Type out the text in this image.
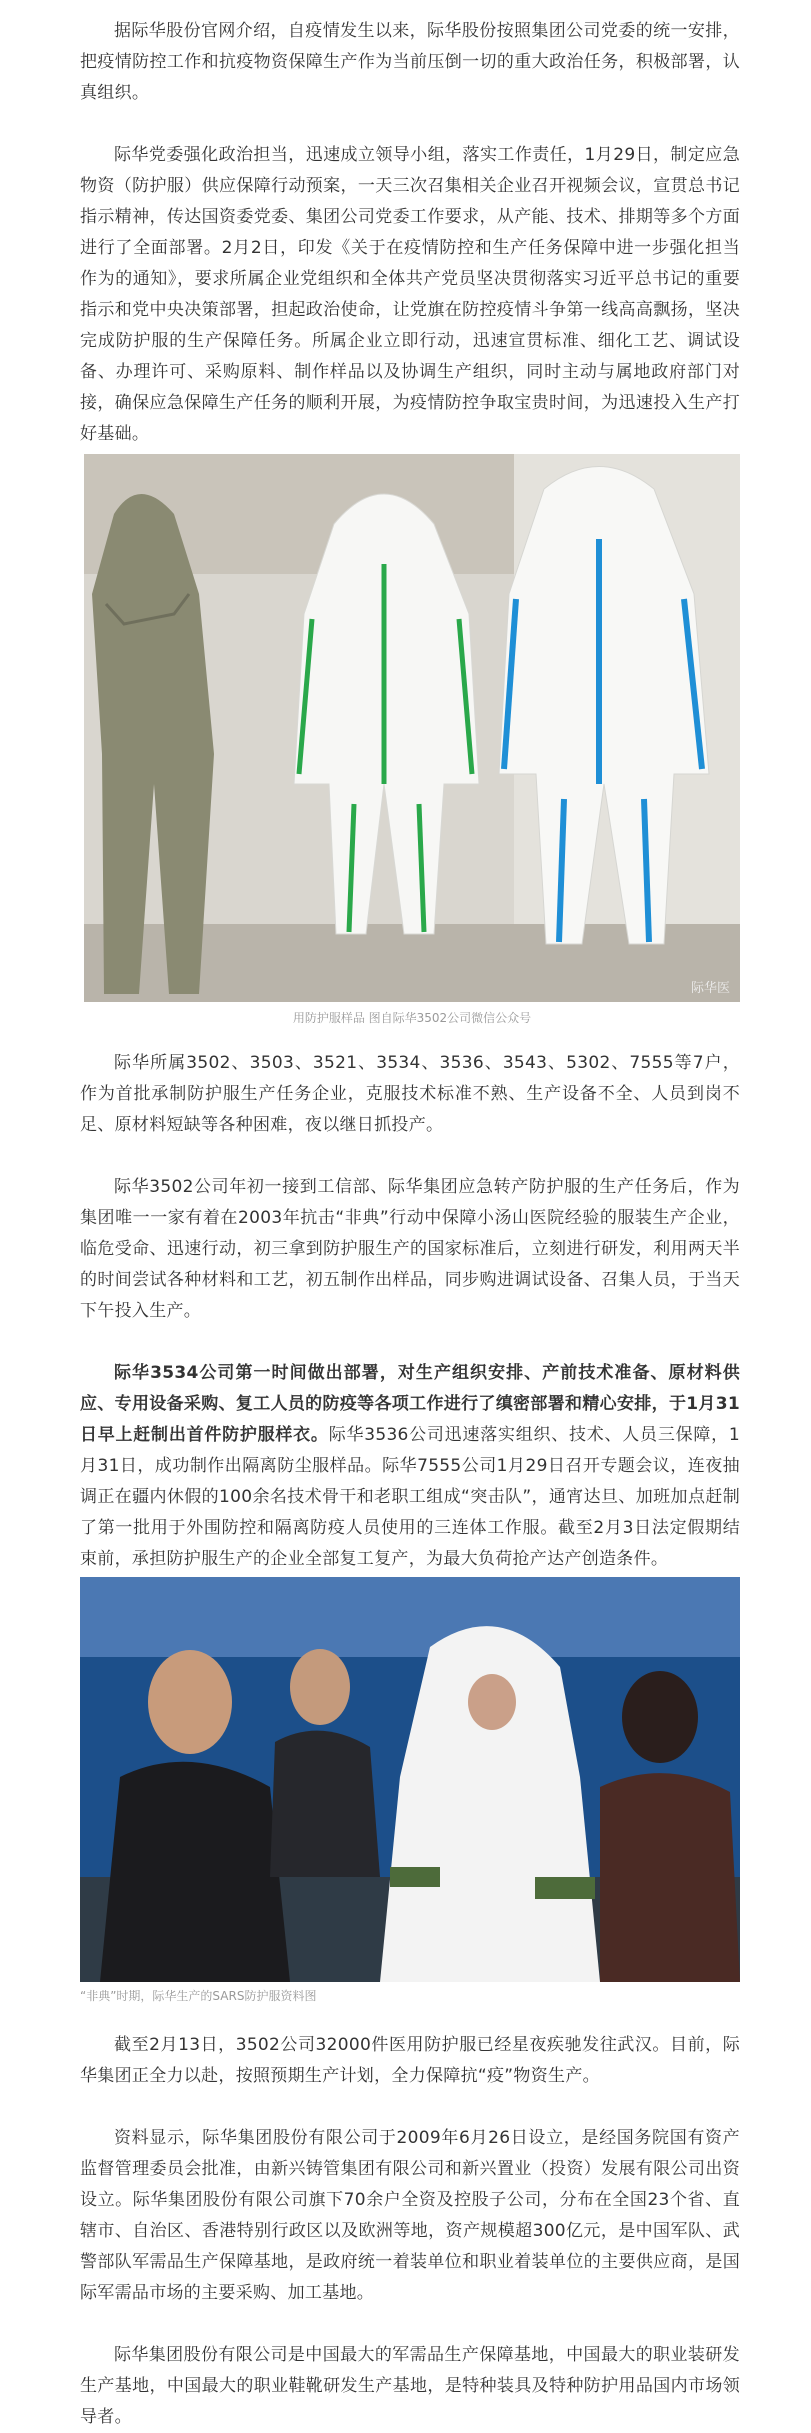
据际华股份官网介绍，自疫情发生以来，际华股份按照集团公司党委的统一安排，把疫情防控工作和抗疫物资保障生产作为当前压倒一切的重大政治任务，积极部署，认真组织。

际华党委强化政治担当，迅速成立领导小组，落实工作责任，1月29日，制定应急物资（防护服）供应保障行动预案，一天三次召集相关企业召开视频会议，宣贯总书记指示精神，传达国资委党委、集团公司党委工作要求，从产能、技术、排期等多个方面进行了全面部署。2月2日，印发《关于在疫情防控和生产任务保障中进一步强化担当作为的通知》，要求所属企业党组织和全体共产党员坚决贯彻落实习近平总书记的重要指示和党中央决策部署，担起政治使命，让党旗在防控疫情斗争第一线高高飘扬，坚决完成防护服的生产保障任务。所属企业立即行动，迅速宣贯标准、细化工艺、调试设备、办理许可、采购原料、制作样品以及协调生产组织，同时主动与属地政府部门对接，确保应急保障生产任务的顺利开展，为疫情防控争取宝贵时间，为迅速投入生产打好基础。

际华医
用防护服样品 图自际华3502公司微信公众号

际华所属3502、3503、3521、3534、3536、3543、5302、7555等7户，作为首批承制防护服生产任务企业，克服技术标准不熟、生产设备不全、人员到岗不足、原材料短缺等各种困难，夜以继日抓投产。

际华3502公司年初一接到工信部、际华集团应急转产防护服的生产任务后，作为集团唯一一家有着在2003年抗击“非典”行动中保障小汤山医院经验的服装生产企业，临危受命、迅速行动，初三拿到防护服生产的国家标准后，立刻进行研发，利用两天半的时间尝试各种材料和工艺，初五制作出样品，同步购进调试设备、召集人员，于当天下午投入生产。

际华3534公司第一时间做出部署，对生产组织安排、产前技术准备、原材料供应、专用设备采购、复工人员的防疫等各项工作进行了缜密部署和精心安排，于1月31日早上赶制出首件防护服样衣。际华3536公司迅速落实组织、技术、人员三保障，1月31日，成功制作出隔离防尘服样品。际华7555公司1月29日召开专题会议，连夜抽调正在疆内休假的100余名技术骨干和老职工组成“突击队”，通宵达旦、加班加点赶制了第一批用于外围防控和隔离防疫人员使用的三连体工作服。截至2月3日法定假期结束前，承担防护服生产的企业全部复工复产，为最大负荷抢产达产创造条件。

“非典”时期，际华生产的SARS防护服资料图

截至2月13日，3502公司32000件医用防护服已经星夜疾驰发往武汉。目前，际华集团正全力以赴，按照预期生产计划，全力保障抗“疫”物资生产。

资料显示，际华集团股份有限公司于2009年6月26日设立，是经国务院国有资产监督管理委员会批准，由新兴铸管集团有限公司和新兴置业（投资）发展有限公司出资设立。际华集团股份有限公司旗下70余户全资及控股子公司，分布在全国23个省、直辖市、自治区、香港特别行政区以及欧洲等地，资产规模超300亿元，是中国军队、武警部队军需品生产保障基地，是政府统一着装单位和职业着装单位的主要供应商，是国际军需品市场的主要采购、加工基地。

际华集团股份有限公司是中国最大的军需品生产保障基地，中国最大的职业装研发生产基地，中国最大的职业鞋靴研发生产基地，是特种装具及特种防护用品国内市场领导者。
